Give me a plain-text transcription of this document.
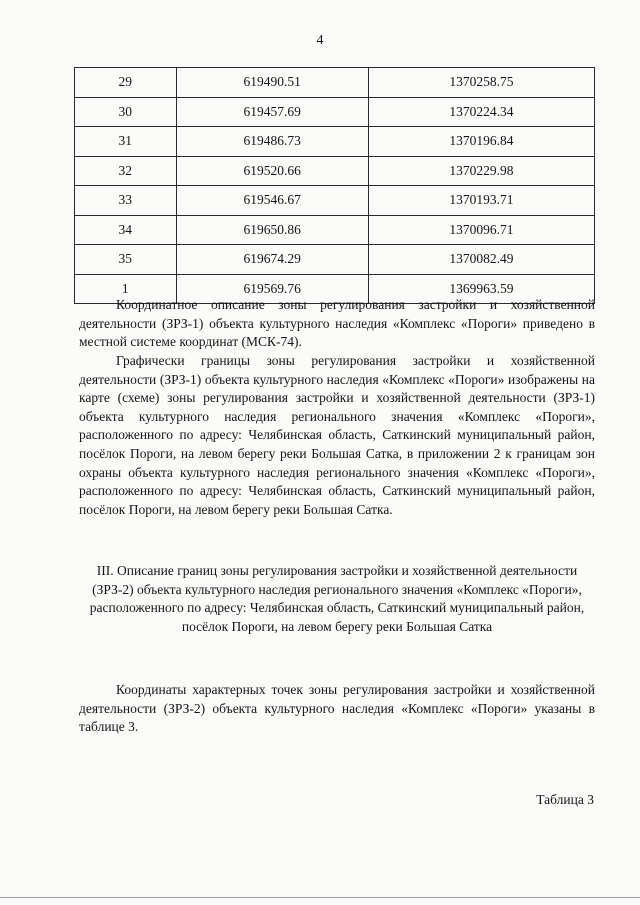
4
29	619490.51	1370258.75
30	619457.69	1370224.34
31	619486.73	1370196.84
32	619520.66	1370229.98
33	619546.67	1370193.71
34	619650.86	1370096.71
35	619674.29	1370082.49
1	619569.76	1369963.59

Координатное описание зоны регулирования застройки и хозяйственной деятельности (ЗРЗ-1) объекта культурного наследия «Комплекс «Пороги» приведено в местной системе координат (МСК-74).

Графически границы зоны регулирования застройки и хозяйственной деятельности (ЗРЗ-1) объекта культурного наследия «Комплекс «Пороги» изображены на карте (схеме) зоны регулирования застройки и хозяйственной деятельности (ЗРЗ-1) объекта культурного наследия регионального значения «Комплекс «Пороги», расположенного по адресу: Челябинская область, Саткинский муниципальный район, посёлок Пороги, на левом берегу реки Большая Сатка, в приложении 2 к границам зон охраны объекта культурного наследия регионального значения «Комплекс «Пороги», расположенного по адресу: Челябинская область, Саткинский муниципальный район, посёлок Пороги, на левом берегу реки Большая Сатка.

III. Описание границ зоны регулирования застройки и хозяйственной деятельности (ЗРЗ-2) объекта культурного наследия регионального значения «Комплекс «Пороги», расположенного по адресу: Челябинская область, Саткинский муниципальный район, посёлок Пороги, на левом берегу реки Большая Сатка

Координаты характерных точек зоны регулирования застройки и хозяйственной деятельности (ЗРЗ-2) объекта культурного наследия «Комплекс «Пороги» указаны в таблице 3.

Таблица 3
